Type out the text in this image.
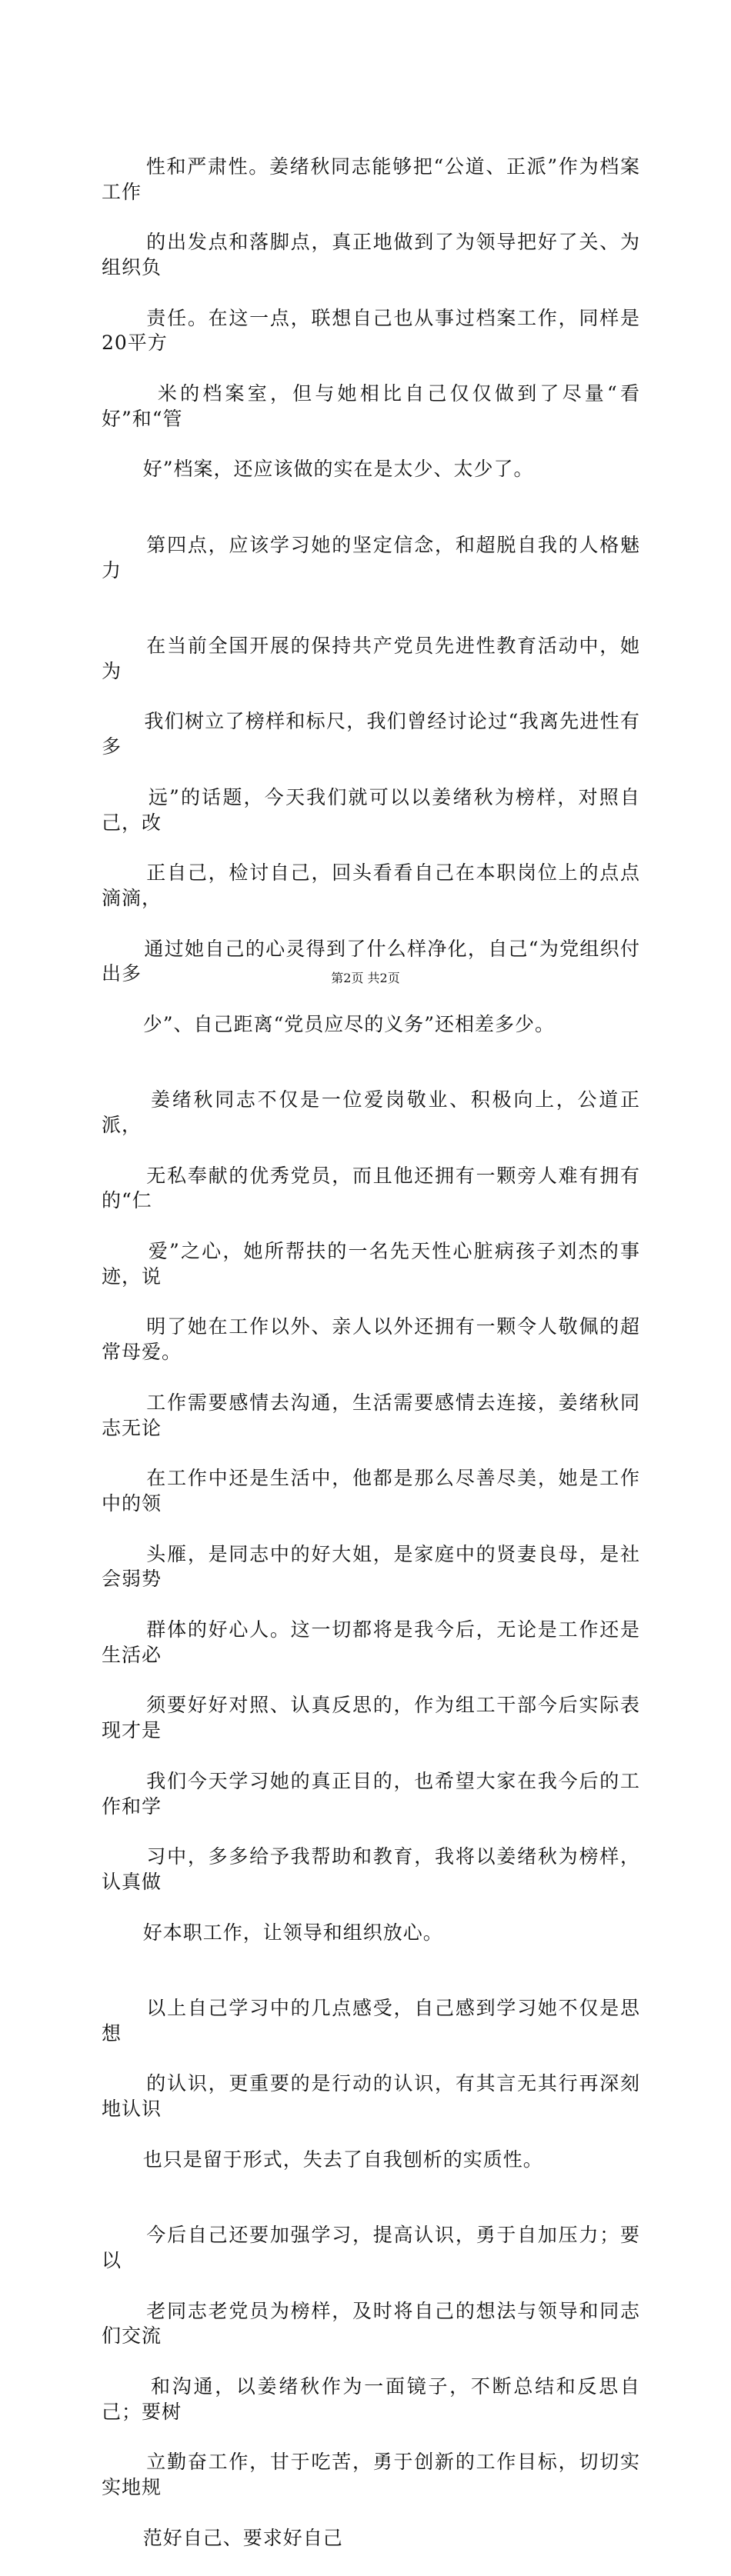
性和严肃性。姜绪秋同志能够把“公道、正派”作为档案工作

的出发点和落脚点，真正地做到了为领导把好了关、为组织负

责任。在这一点，联想自己也从事过档案工作，同样是20平方

米的档案室，但与她相比自己仅仅做到了尽量“看好”和“管

好”档案，还应该做的实在是太少、太少了。

第四点，应该学习她的坚定信念，和超脱自我的人格魅力

在当前全国开展的保持共产党员先进性教育活动中，她为

我们树立了榜样和标尺，我们曾经讨论过“我离先进性有多

远”的话题，今天我们就可以以姜绪秋为榜样，对照自己，改

正自己，检讨自己，回头看看自己在本职岗位上的点点滴滴，

通过她自己的心灵得到了什么样净化，自己“为党组织付出多

少”、自己距离“党员应尽的义务”还相差多少。

姜绪秋同志不仅是一位爱岗敬业、积极向上，公道正派，

无私奉献的优秀党员，而且他还拥有一颗旁人难有拥有的“仁

爱”之心，她所帮扶的一名先天性心脏病孩子刘杰的事迹，说

明了她在工作以外、亲人以外还拥有一颗令人敬佩的超常母爱。

工作需要感情去沟通，生活需要感情去连接，姜绪秋同志无论

在工作中还是生活中，他都是那么尽善尽美，她是工作中的领

头雁，是同志中的好大姐，是家庭中的贤妻良母，是社会弱势

群体的好心人。这一切都将是我今后，无论是工作还是生活必

须要好好对照、认真反思的，作为组工干部今后实际表现才是

我们今天学习她的真正目的，也希望大家在我今后的工作和学

习中，多多给予我帮助和教育，我将以姜绪秋为榜样，认真做

好本职工作，让领导和组织放心。

以上自己学习中的几点感受，自己感到学习她不仅是思想

的认识，更重要的是行动的认识，有其言无其行再深刻地认识

也只是留于形式，失去了自我刨析的实质性。

今后自己还要加强学习，提高认识，勇于自加压力；要以

老同志老党员为榜样，及时将自己的想法与领导和同志们交流

和沟通，以姜绪秋作为一面镜子，不断总结和反思自己；要树

立勤奋工作，甘于吃苦，勇于创新的工作目标，切切实实地规

范好自己、要求好自己

第2页 共2页
